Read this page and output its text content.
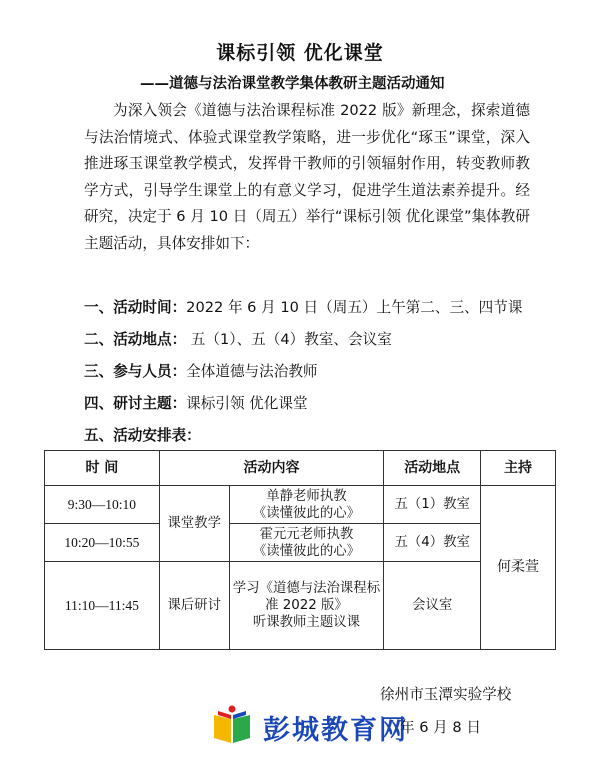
课标引领 优化课堂
——道德与法治课堂教学集体教研主题活动通知

为深入领会《道德与法治课程标准 2022 版》新理念，探索道德与法治情境式、体验式课堂教学策略，进一步优化“琢玉”课堂，深入推进琢玉课堂教学模式，发挥骨干教师的引领辐射作用，转变教师教学方式，引导学生课堂上的有意义学习，促进学生道法素养提升。经研究，决定于 6 月 10 日（周五）举行“课标引领 优化课堂”集体教研主题活动，具体安排如下：

一、活动时间：2022 年 6 月 10 日（周五）上午第二、三、四节课
二、活动地点： 五（1）、五（4）教室、会议室
三、参与人员：全体道德与法治教师
四、研讨主题：课标引领 优化课堂
五、活动安排表：
时 间	活动内容		活动地点	主持
9:30—10:10	课堂教学	单静老师执教
《读懂彼此的心》	五（1）教室	何柔萱
10:20—10:55		霍元元老师执教
《读懂彼此的心》	五（4）教室	
11:10—11:45	课后研讨	学习《道德与法治课程标
准 2022 版》
听课教师主题议课	会议室	
徐州市玉潭实验学校
彭城教育网
年 6 月 8 日
